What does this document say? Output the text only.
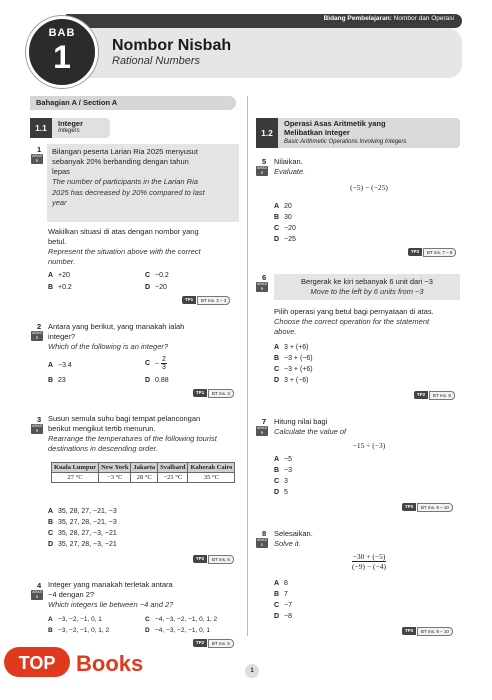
Bidang Pembelajaran: Nombor dan Operasi
BAB
1	Nombor Nisbah
Rational Numbers
Bahagian A / Section A
1.1	Integer
Integers
1
ARAS
R
Bilangan peserta Larian Ria 2025 menyusut
sebanyak 20% berbanding dengan tahun
lepas
The number of participants in the Larian Ria
2025 has decreased by 20% compared to last
year
Wakilkan situasi di atas dengan nombor yang
betul.
Represent the situation above with the correct
number.
A +20
B +0.2
C −0.2
D −20
TP1	BT ms. 2 – 3
2
ARAS
R
Antara yang berikut, yang manakah ialah
integer?
Which of the following is an integer?
A −3.4
B 23
$C - \frac{2}{3}$
D 0.88
TP1	BT ms. 3
3
ARAS
R
Susun semula suhu bagi tempat pelancongan
berikut mengikut tertib menurun.
Rearrange the temperatures of the following tourist
destinations in descending order.
Kuala Lumpur	New York	Jakarta	Svalbard	Kaherah Cairo
27 °C	−3 °C	28 °C	−21 °C	35 °C
A 35, 28, 27, −21, −3
B 35, 27, 28, −21, −3
C 35, 28, 27, −3, −21
D 35, 27, 28, −3, −21
TP2	BT ms. 6
4
ARAS
R
Integer yang manakah terletak antara
−4 dengan 2?
Which integers lie between −4 and 2?
A −3, −2, −1, 0, 1
B −3, −2, −1, 0, 1, 2
C −4, −3, −2, −1, 0, 1, 2
D −4, −3, −2, −1, 0, 1
TP2	BT ms. 6
1.2
Operasi Asas Aritmetik yang
Melibatkan Integer
Basic Arithmetic Operations Involving Integers
5
ARAS
R
Nilaikan.
Evaluate.
(−5) − (−25)
A 20
B 30
C −20
D −25
TP3	BT ms. 7 – 9
6
ARAS
R
Bergerak ke kiri sebanyak 6 unit dari −3
Move to the left by 6 units from −3
Pilih operasi yang betul bagi pernyataan di atas.
Choose the correct operation for the statement
above.
A 3 + (+6)
B −3 + (−6)
C −3 + (+6)
D 3 + (−6)
TP2	BT ms. 8
7
ARAS
R
Hitung nilai bagi
Calculate the value of
−15 ÷ (−3)
A −5
B −3
C 3
D 5
TP3	BT ms. 9 – 10
8
ARAS
S
Selesaikan.
Solve it.
$\frac{-30 + (-5)}{(-9) - (-4)}$
A 8
B 7
C −7
D −8
TP3	BT ms. 9 – 10
1
TOP Books
